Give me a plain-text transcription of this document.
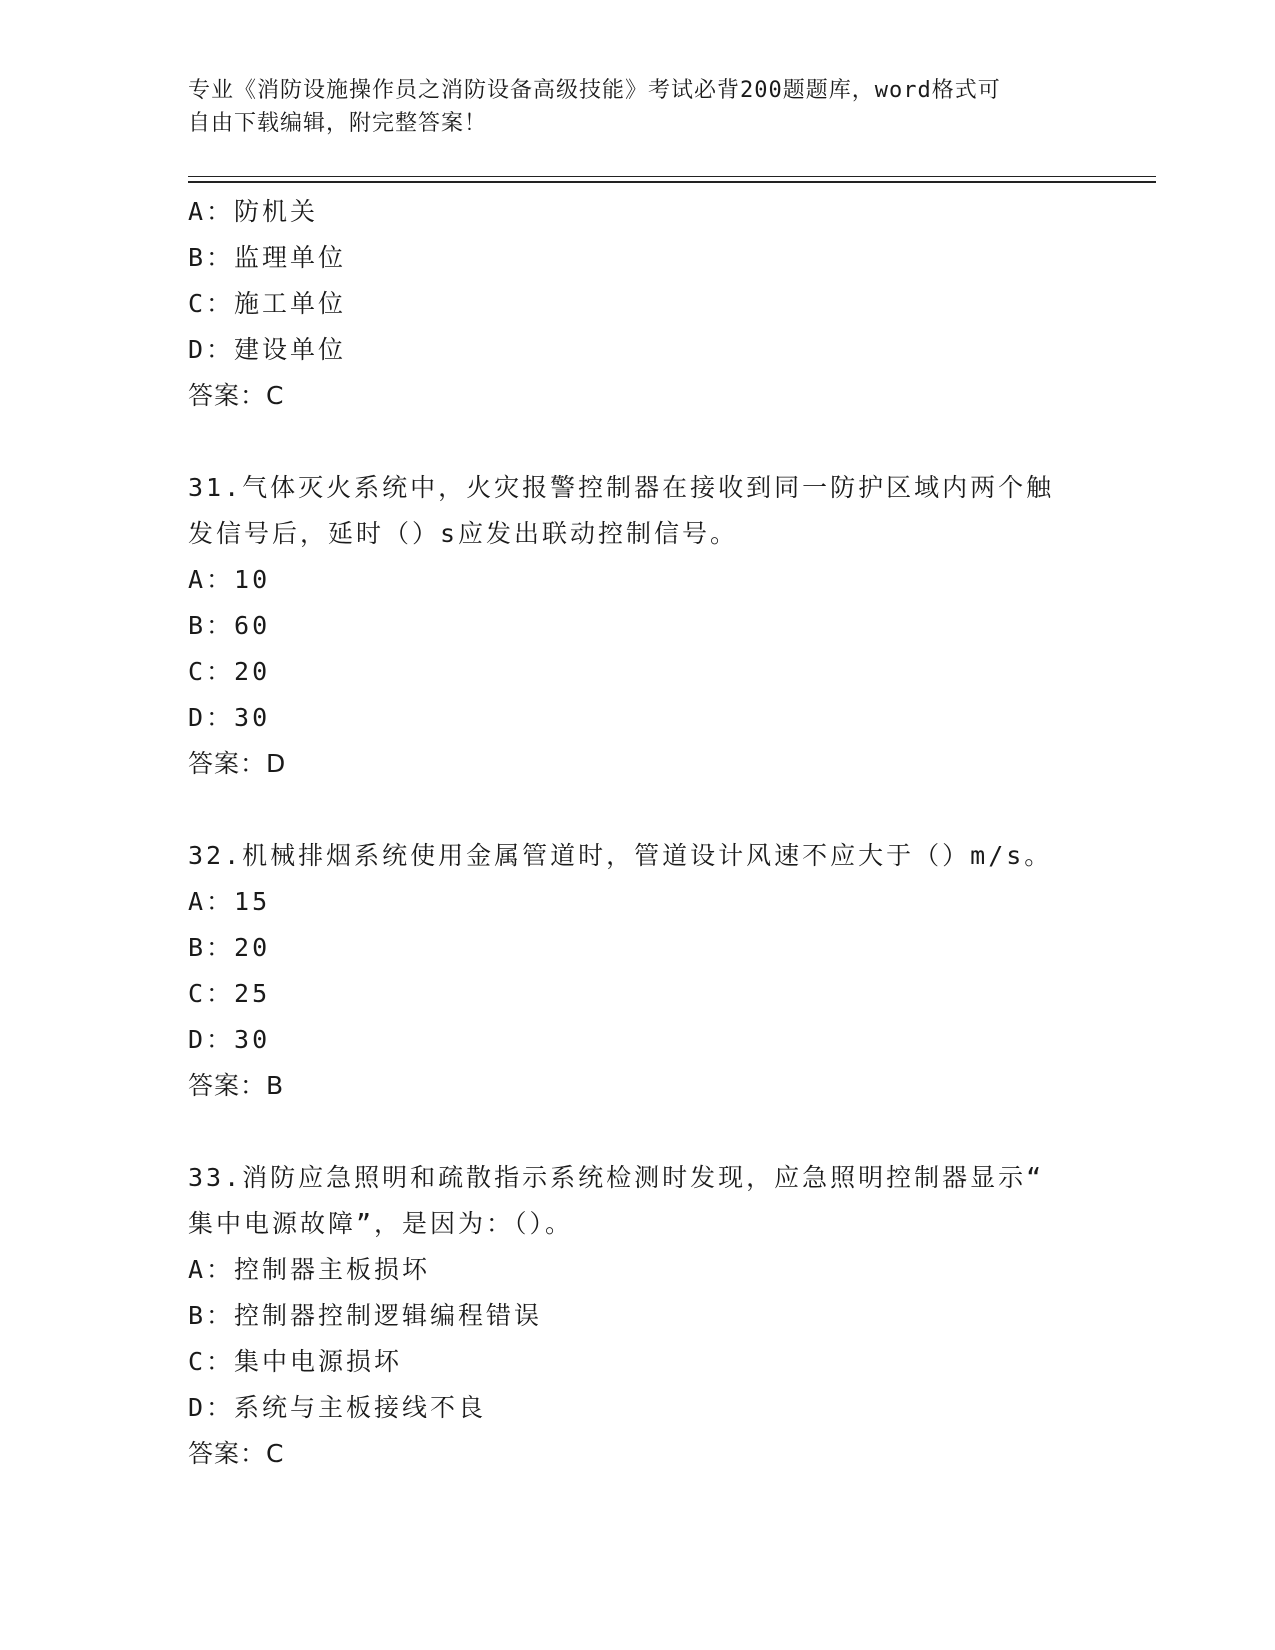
专业《消防设施操作员之消防设备高级技能》考试必背200题题库，word格式可
自由下载编辑，附完整答案！
A：防机关
B：监理单位
C：施工单位
D：建设单位
答案：C
31.气体灭火系统中，火灾报警控制器在接收到同一防护区域内两个触
发信号后，延时（）s应发出联动控制信号。
A：10
B：60
C：20
D：30
答案：D
32.机械排烟系统使用金属管道时，管道设计风速不应大于（）m/s。
A：15
B：20
C：25
D：30
答案：B
33.消防应急照明和疏散指示系统检测时发现，应急照明控制器显示“
集中电源故障”，是因为：（）。
A：控制器主板损坏
B：控制器控制逻辑编程错误
C：集中电源损坏
D：系统与主板接线不良
答案：C
